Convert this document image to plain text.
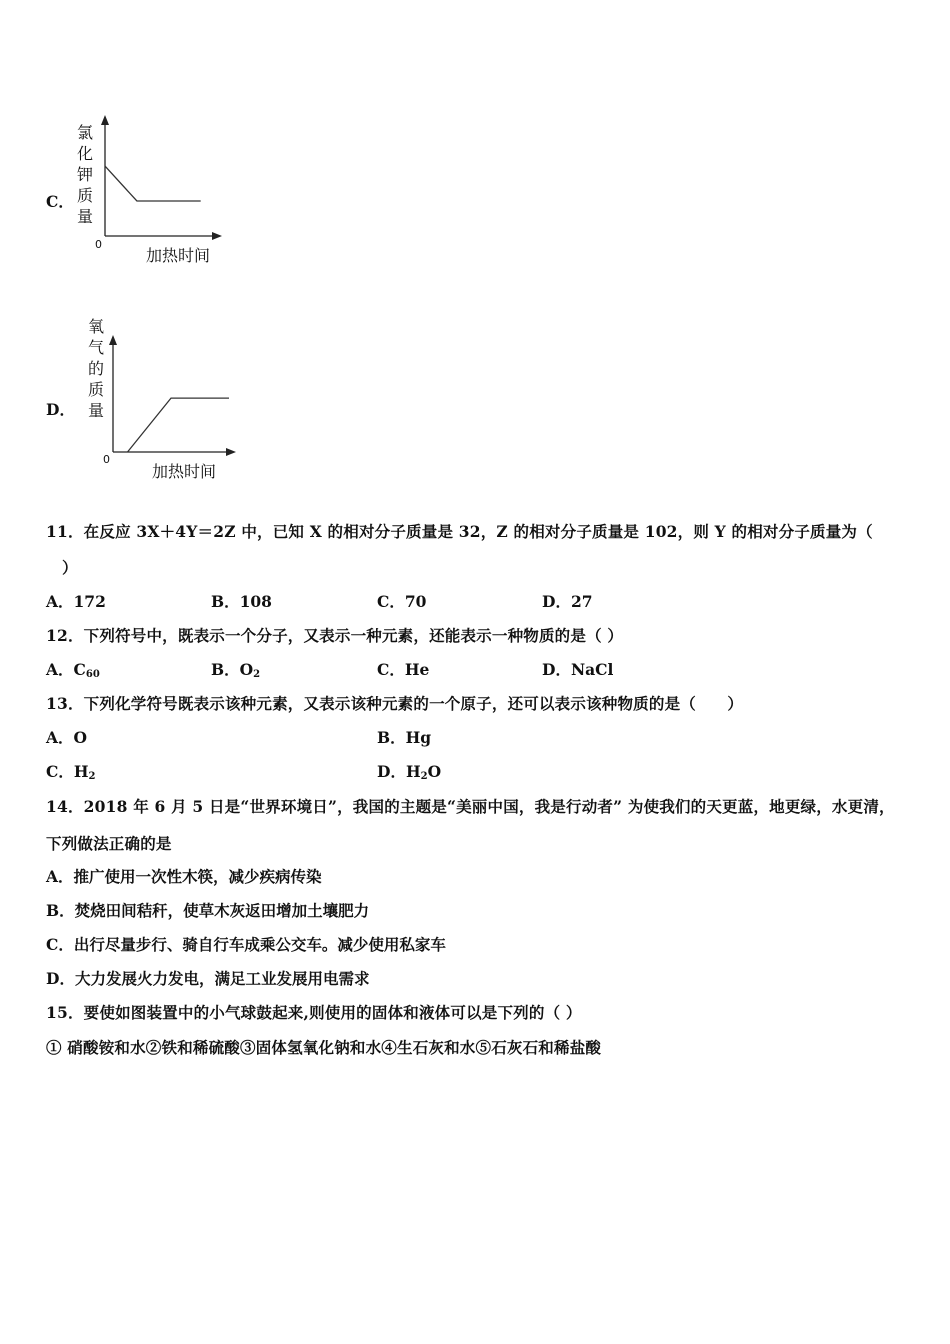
C．
氯化钾质量
0
加热时间
D．
氧气的质量
0
加热时间
11．在反应 3X＋4Y＝2Z 中，已知 X 的相对分子质量是 32，Z 的相对分子质量是 102，则 Y 的相对分子质量为（
）
A．172	B．108	C．70	D．27
12．下列符号中，既表示一个分子，又表示一种元素，还能表示一种物质的是（ ）
A．$C_{60}$	B．$O_2$	C．He	D．NaCl
13．下列化学符号既表示该种元素，又表示该种元素的一个原子，还可以表示该种物质的是（　　）
A．O	B．Hg
C．$H_2$	D．$H_2O$
14．2018 年 6 月 5 日是“世界环境日”，我国的主题是“美丽中国，我是行动者” 为使我们的天更蓝，地更绿，水更清，
下列做法正确的是
A．推广使用一次性木筷，减少疾病传染
B．焚烧田间秸秆，使草木灰返田增加土壤肥力
C．出行尽量步行、骑自行车成乘公交车。减少使用私家车
D．大力发展火力发电，满足工业发展用电需求
15．要使如图装置中的小气球鼓起来,则使用的固体和液体可以是下列的（ ）
① 硝酸铵和水②铁和稀硫酸③固体氢氧化钠和水④生石灰和水⑤石灰石和稀盐酸
